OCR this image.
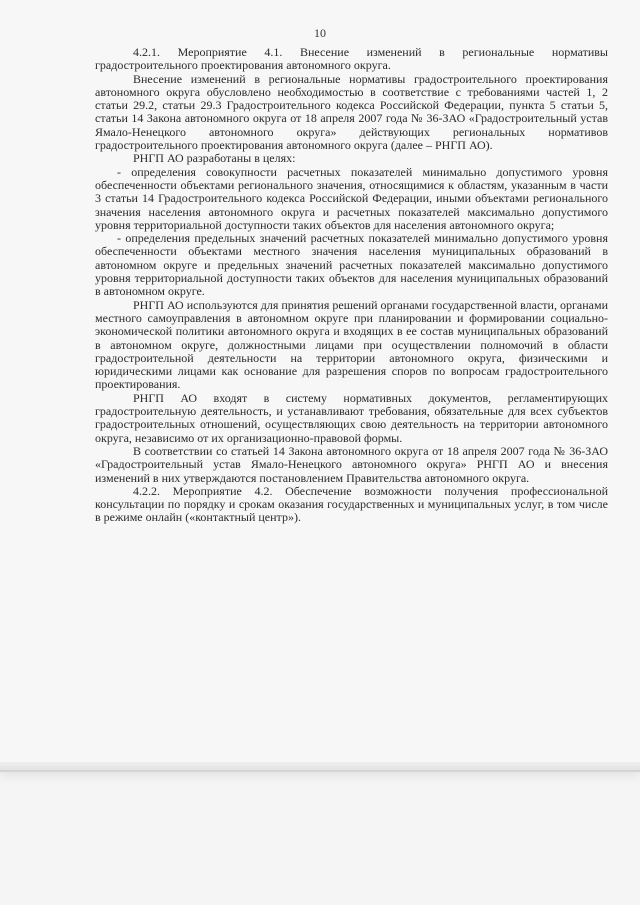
10

4.2.1. Мероприятие 4.1. Внесение изменений в региональные нормативы градостроительного проектирования автономного округа.

Внесение изменений в региональные нормативы градостроительного проектирования автономного округа обусловлено необходимостью в соответствие с требованиями частей 1, 2 статьи 29.2, статьи 29.3 Градостроительного кодекса Российской Федерации, пункта 5 статьи 5, статьи 14 Закона автономного округа от 18 апреля 2007 года № 36-ЗАО «Градостроительный устав Ямало-Ненецкого автономного округа» действующих региональных нормативов градостроительного проектирования автономного округа (далее – РНГП АО).

РНГП АО разработаны в целях:

- определения совокупности расчетных показателей минимально допустимого уровня обеспеченности объектами регионального значения, относящимися к областям, указанным в части 3 статьи 14 Градостроительного кодекса Российской Федерации, иными объектами регионального значения населения автономного округа и расчетных показателей максимально допустимого уровня территориальной доступности таких объектов для населения автономного округа;

- определения предельных значений расчетных показателей минимально допустимого уровня обеспеченности объектами местного значения населения муниципальных образований в автономном округе и предельных значений расчетных показателей максимально допустимого уровня территориальной доступности таких объектов для населения муниципальных образований в автономном округе.

РНГП АО используются для принятия решений органами государственной власти, органами местного самоуправления в автономном округе при планировании и формировании социально-экономической политики автономного округа и входящих в ее состав муниципальных образований в автономном округе, должностными лицами при осуществлении полномочий в области градостроительной деятельности на территории автономного округа, физическими и юридическими лицами как основание для разрешения споров по вопросам градостроительного проектирования.

РНГП АО входят в систему нормативных документов, регламентирующих градостроительную деятельность, и устанавливают требования, обязательные для всех субъектов градостроительных отношений, осуществляющих свою деятельность на территории автономного округа, независимо от их организационно-правовой формы.

В соответствии со статьей 14 Закона автономного округа от 18 апреля 2007 года № 36-ЗАО «Градостроительный устав Ямало-Ненецкого автономного округа» РНГП АО и внесения изменений в них утверждаются постановлением Правительства автономного округа.

4.2.2. Мероприятие 4.2. Обеспечение возможности получения профессиональной консультации по порядку и срокам оказания государственных и муниципальных услуг, в том числе в режиме онлайн («контактный центр»).
